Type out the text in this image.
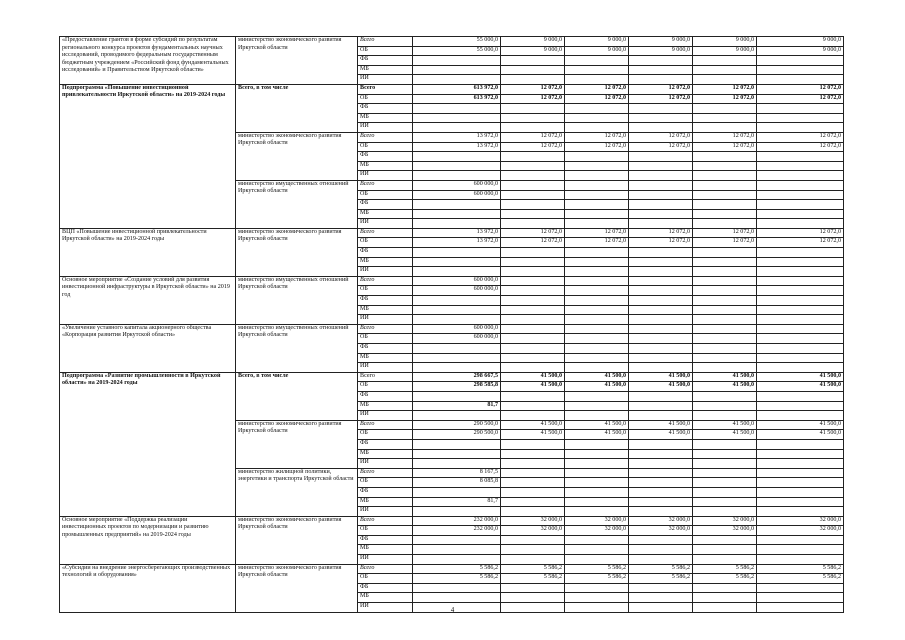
«Предоставление грантов в форме субсидий по результатам регионального конкурса проектов фундаментальных научных исследований, проводимого федеральным государственным бюджетным учреждением «Российский фонд фундаментальных исследований» и Правительством Иркутской области»	министерство экономического развития Иркутской области	Всего	55 000,0	9 000,0	9 000,0	9 000,0	9 000,0	9 000,0
		ОБ	55 000,0	9 000,0	9 000,0	9 000,0	9 000,0	9 000,0
		ФБ						
		МБ						
		ИИ						
Подпрограмма «Повышение инвестиционной привлекательности Иркутской области» на 2019-2024 годы	Всего, в том числе	Всего	613 972,0	12 072,0	12 072,0	12 072,0	12 072,0	12 072,0
		ОБ	613 972,0	12 072,0	12 072,0	12 072,0	12 072,0	12 072,0
		ФБ						
		МБ						
		ИИ						
	министерство экономического развития Иркутской области	Всего	13 972,0	12 072,0	12 072,0	12 072,0	12 072,0	12 072,0
		ОБ	13 972,0	12 072,0	12 072,0	12 072,0	12 072,0	12 072,0
		ФБ						
		МБ						
		ИИ						
	министерство имущественных отношений Иркутской области	Всего	600 000,0					
		ОБ	600 000,0					
		ФБ						
		МБ						
		ИИ						
ВЦП «Повышение инвестиционной привлекательности Иркутской области» на 2019-2024 годы	министерство экономического развития Иркутской области	Всего	13 972,0	12 072,0	12 072,0	12 072,0	12 072,0	12 072,0
		ОБ	13 972,0	12 072,0	12 072,0	12 072,0	12 072,0	12 072,0
		ФБ						
		МБ						
		ИИ						
Основное мероприятие «Создание условий для развития инвестиционной инфраструктуры в Иркутской области» на 2019 год	министерство имущественных отношений Иркутской области	Всего	600 000,0					
		ОБ	600 000,0					
		ФБ						
		МБ						
		ИИ						
«Увеличение уставного капитала акционерного общества «Корпорация развития Иркутской области»	министерство имущественных отношений Иркутской области	Всего	600 000,0					
		ОБ	600 000,0					
		ФБ						
		МБ						
		ИИ						
Подпрограмма «Развитие промышленности в Иркутской области» на 2019-2024 годы	Всего, в том числе	Всего	298 667,5	41 500,0	41 500,0	41 500,0	41 500,0	41 500,0
		ОБ	298 585,8	41 500,0	41 500,0	41 500,0	41 500,0	41 500,0
		ФБ						
		МБ	81,7					
		ИИ						
	министерство экономического развития Иркутской области	Всего	290 500,0	41 500,0	41 500,0	41 500,0	41 500,0	41 500,0
		ОБ	290 500,0	41 500,0	41 500,0	41 500,0	41 500,0	41 500,0
		ФБ						
		МБ						
		ИИ						
	министерство жилищной политики, энергетики и транспорта Иркутской области	Всего	8 167,5					
		ОБ	8 085,8					
		ФБ						
		МБ	81,7					
		ИИ						
Основное мероприятие «Поддержка реализации инвестиционных проектов по модернизации и развитию промышленных предприятий» на 2019-2024 годы	министерство экономического развития Иркутской области	Всего	232 000,0	32 000,0	32 000,0	32 000,0	32 000,0	32 000,0
		ОБ	232 000,0	32 000,0	32 000,0	32 000,0	32 000,0	32 000,0
		ФБ						
		МБ						
		ИИ						
«Субсидии на внедрение энергосберегающих производственных технологий и оборудования»	министерство экономического развития Иркутской области	Всего	5 586,2	5 586,2	5 586,2	5 586,2	5 586,2	5 586,2
		ОБ	5 586,2	5 586,2	5 586,2	5 586,2	5 586,2	5 586,2
		ФБ						
		МБ						
		ИИ							4
